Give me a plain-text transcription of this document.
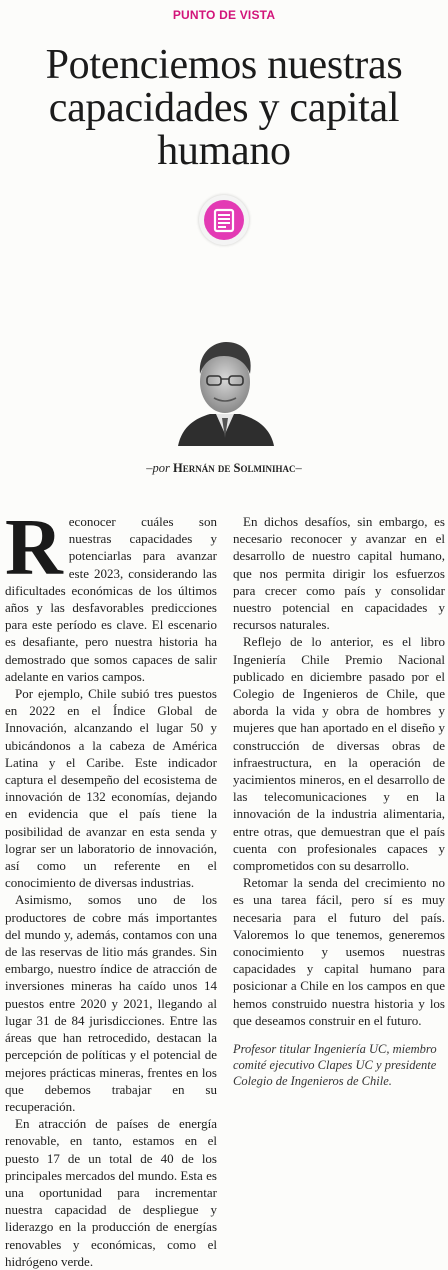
PUNTO DE VISTA
Potenciemos nuestras
capacidades y capital
humano
–por Hernán de Solminihac–

Reconocer cuáles son nuestras capacidades y potenciarlas para avanzar este 2023, considerando las dificultades económicas de los últimos años y las desfavorables predicciones para este período es clave. El escenario es desafiante, pero nuestra historia ha demostrado que somos capaces de salir adelante en varios campos.

Por ejemplo, Chile subió tres puestos en 2022 en el Índice Global de Innovación, alcanzando el lugar 50 y ubicándonos a la cabeza de América Latina y el Caribe. Este indicador captura el desempeño del ecosistema de innovación de 132 economías, dejando en evidencia que el país tiene la posibilidad de avanzar en esta senda y lograr ser un laboratorio de innovación, así como un referente en el conocimiento de diversas industrias.

Asimismo, somos uno de los productores de cobre más importantes del mundo y, además, contamos con una de las reservas de litio más grandes. Sin embargo, nuestro índice de atracción de inversiones mineras ha caído unos 14 puestos entre 2020 y 2021, llegando al lugar 31 de 84 jurisdicciones. Entre las áreas que han retrocedido, destacan la percepción de políticas y el potencial de mejores prácticas mineras, frentes en los que debemos trabajar en su recuperación.

En atracción de países de energía renovable, en tanto, estamos en el puesto 17 de un total de 40 de los principales mercados del mundo. Esta es una oportunidad para incrementar nuestra capacidad de despliegue y liderazgo en la producción de energías renovables y económicas, como el hidrógeno verde.

En dichos desafíos, sin embargo, es necesario reconocer y avanzar en el desarrollo de nuestro capital humano, que nos permita dirigir los esfuerzos para crecer como país y consolidar nuestro potencial en capacidades y recursos naturales.

Reflejo de lo anterior, es el libro Ingeniería Chile Premio Nacional publicado en diciembre pasado por el Colegio de Ingenieros de Chile, que aborda la vida y obra de hombres y mujeres que han aportado en el diseño y construcción de diversas obras de infraestructura, en la operación de yacimientos mineros, en el desarrollo de las telecomunicaciones y en la innovación de la industria alimentaria, entre otras, que demuestran que el país cuenta con profesionales capaces y comprometidos con su desarrollo.

Retomar la senda del crecimiento no es una tarea fácil, pero sí es muy necesaria para el futuro del país. Valoremos lo que tenemos, generemos conocimiento y usemos nuestras capacidades y capital humano para posicionar a Chile en los campos en que hemos construido nuestra historia y los que deseamos construir en el futuro.

Profesor titular Ingeniería UC, miembro comité ejecutivo Clapes UC y presidente Colegio de Ingenieros de Chile.
